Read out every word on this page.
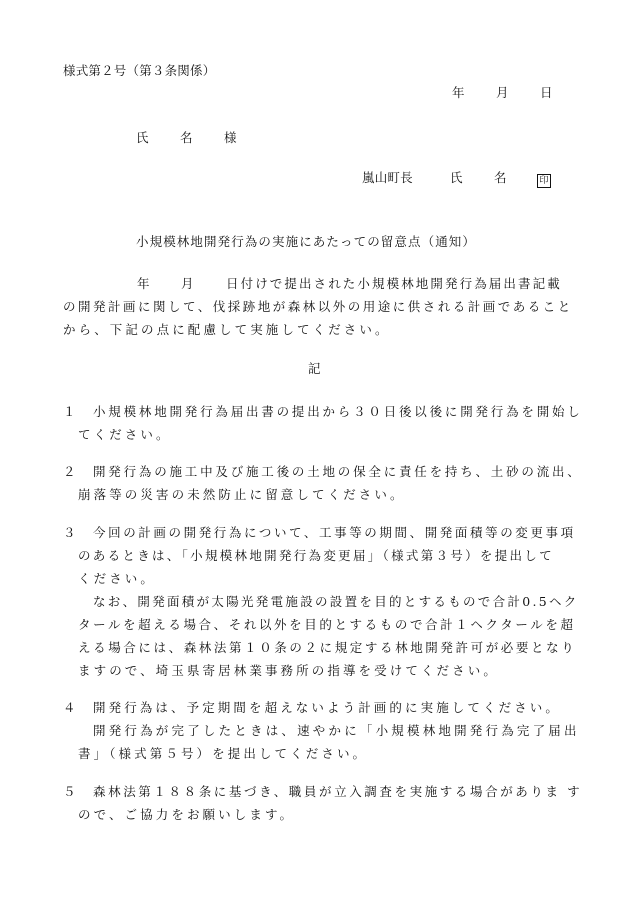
様式第２号（第３条関係）
年	月	日
氏	名	様
嵐山町長	氏	名	印
小規模林地開発行為の実施にあたっての留意点（通知）
年	月	日付けで提出された小規模林地開発行為届出書記載
の開発計画に関して、伐採跡地が森林以外の用途に供される計画であること
から、下記の点に配慮して実施してください。
記
１ 小規模林地開発行為届出書の提出から３０日後以後に開発行為を開始し
てください。
２ 開発行為の施工中及び施工後の土地の保全に責任を持ち、土砂の流出、
崩落等の災害の未然防止に留意してください。
３ 今回の計画の開発行為について、工事等の期間、開発面積等の変更事項
のあるときは、「小規模林地開発行為変更届」（様式第３号）を提出して
ください。
なお、開発面積が太陽光発電施設の設置を目的とするもので合計0.5ヘク
タールを超える場合、それ以外を目的とするもので合計１ヘクタールを超
える場合には、森林法第１０条の２に規定する林地開発許可が必要となり
ますので、埼玉県寄居林業事務所の指導を受けてください。
４ 開発行為は、予定期間を超えないよう計画的に実施してください。
開発行為が完了したときは、速やかに「小規模林地開発行為完了届出
書」（様式第５号）を提出してください。
５ 森林法第１８８条に基づき、職員が立入調査を実施する場合がありま す
ので、ご協力をお願いします。
